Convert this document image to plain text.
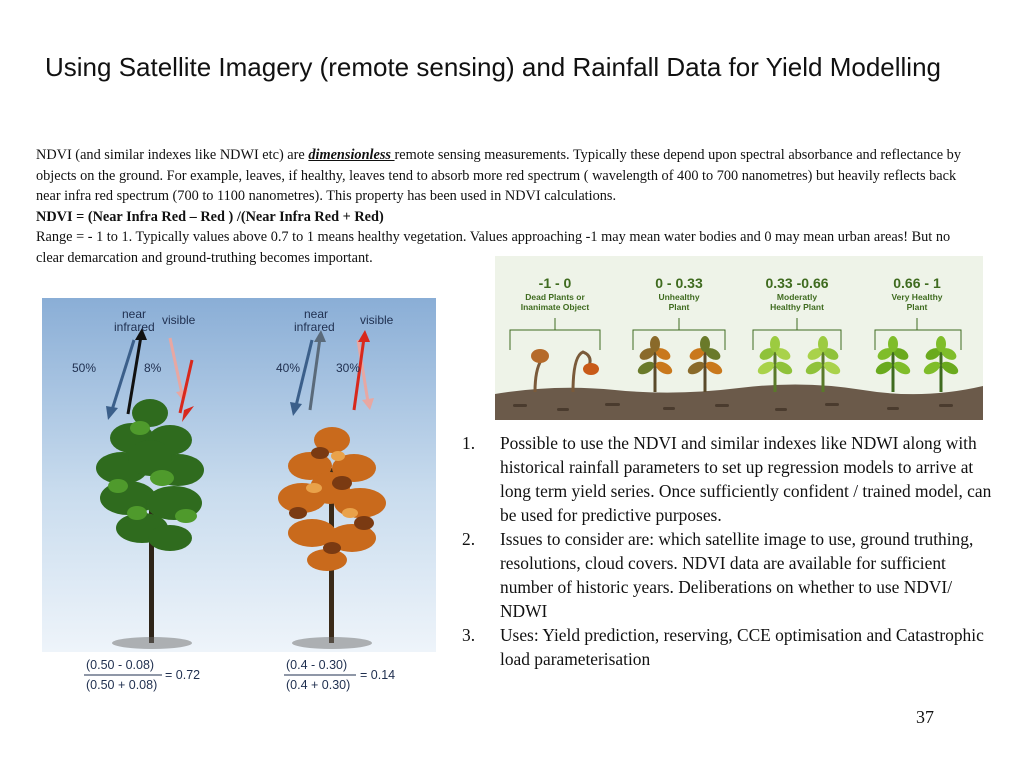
Using Satellite Imagery (remote sensing) and Rainfall Data for Yield Modelling

NDVI (and similar indexes like NDWI etc) are dimensionless remote sensing measurements. Typically these depend upon spectral absorbance and reflectance by objects on the ground. For example, leaves, if healthy, leaves tend to absorb more red spectrum ( wavelength of 400 to 700 nanometres) but heavily reflects back near infra red spectrum (700 to 1100 nanometres). This property has been used in NDVI calculations.

NDVI = (Near Infra Red – Red ) /(Near Infra Red + Red)

Range = - 1 to 1. Typically values above 0.7 to 1 means healthy vegetation. Values approaching -1 may mean water bodies and 0 may mean urban areas! But no clear demarcation and ground-truthing becomes important.

near
infrared visible
50%	8%
near
infrared visible
40%	30%
(0.50 - 0.08)
(0.50 + 0.08)
= 0.72
(0.4 - 0.30)
(0.4 + 0.30)
= 0.14
-1 - 0
Dead Plants or
Inanimate Object
0 - 0.33
Unhealthy
Plant
0.33 -0.66
Moderatly
Healthy Plant
0.66 - 1
Very Healthy
Plant
1. Possible to use the NDVI and similar indexes like NDWI along with historical rainfall parameters to set up regression models to arrive at long term yield series. Once sufficiently confident / trained model, can be used for predictive purposes.
2. Issues to consider are: which satellite image to use, ground truthing, resolutions, cloud covers. NDVI data are available for sufficient number of historic years. Deliberations on whether to use NDVI/ NDWI
3. Uses: Yield prediction, reserving, CCE optimisation and Catastrophic load parameterisation
37
